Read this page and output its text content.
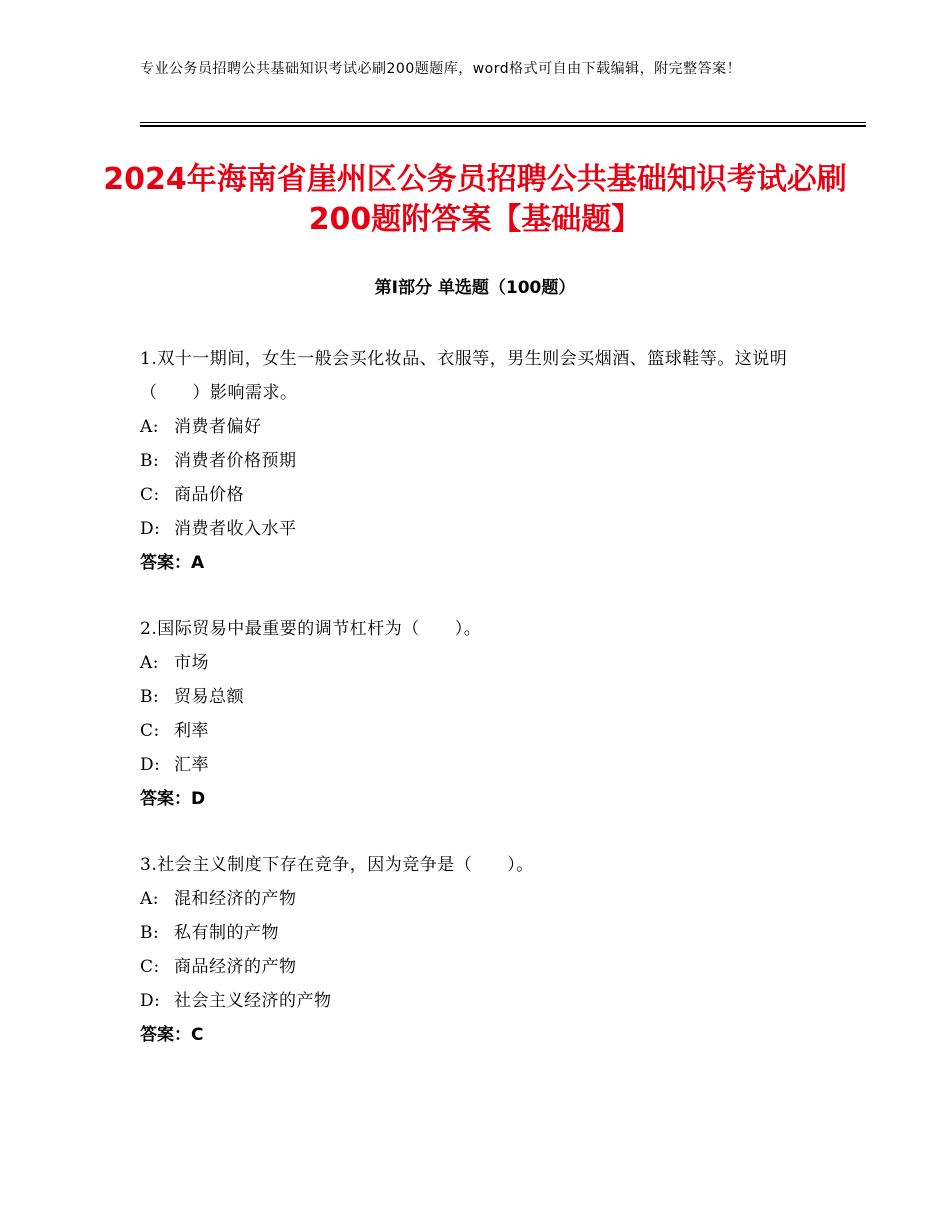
专业公务员招聘公共基础知识考试必刷200题题库，word格式可自由下载编辑，附完整答案！
2024年海南省崖州区公务员招聘公共基础知识考试必刷200题附答案【基础题】
第Ⅰ部分 单选题（100题）
1.双十一期间，女生一般会买化妆品、衣服等，男生则会买烟酒、篮球鞋等。这说明（　　）影响需求。
A: 消费者偏好
B: 消费者价格预期
C: 商品价格
D: 消费者收入水平
答案：A
2.国际贸易中最重要的调节杠杆为（　　）。
A: 市场
B: 贸易总额
C: 利率
D: 汇率
答案：D
3.社会主义制度下存在竞争，因为竞争是（　　）。
A: 混和经济的产物
B: 私有制的产物
C: 商品经济的产物
D: 社会主义经济的产物
答案：C
